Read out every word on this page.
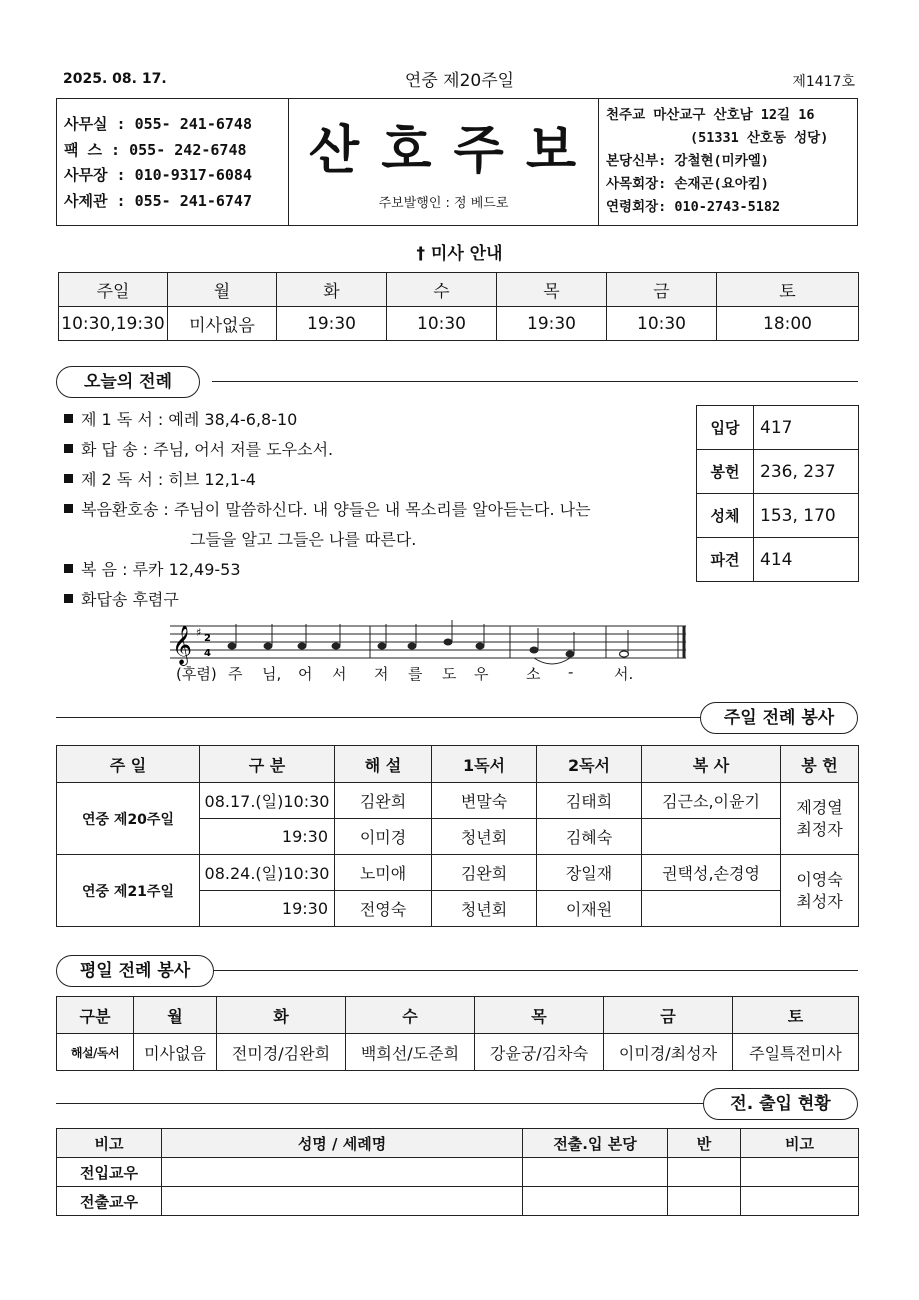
2025. 08. 17.	연중 제20주일	제1417호
사무실 : 055- 241-6748
팩 스 : 055- 242-6748
사무장 : 010-9317-6084
사제관 : 055- 241-6747
산 호 주 보
주보발행인 : 정 베드로
천주교 마산교구 산호남 12길 16
(51331 산호동 성당)
본당신부: 강철현(미카엘)
사목회장: 손재곤(요아킴)
연령회장: 010-2743-5182
† 미사 안내
주일	월	화	수	목	금	토
10:30,19:30	미사없음	19:30	10:30	19:30	10:30	18:00
오늘의 전례
제 1 독 서 : 예레 38,4-6,8-10
화 답 송 : 주님, 어서 저를 도우소서.
제 2 독 서 : 히브 12,1-4
복음환호송 : 주님이 말씀하신다. 내 양들은 내 목소리를 알아듣는다. 나는
그들을 알고 그들은 나를 따른다.
복 음 : 루카 12,49-53
화답송 후렴구
입당	417
봉헌	236, 237
성체	153, 170
파견	414
𝄞 ♯ 2
4
(후렴) 주 님, 어 서 저 를 도 우	소 -	서.
주일 전례 봉사
주 일	구 분	해 설	1독서	2독서	복 사	봉 헌
연중 제20주일	08.17.(일)10:30	김완희	변말숙	김태희	김근소,이윤기	제경열
최정자

	19:30	이미경	청년회	김혜숙		
연중 제21주일	08.24.(일)10:30	노미애	김완희	장일재	권택성,손경영	이영숙
최성자

	19:30	전영숙	청년회	이재원		
평일 전례 봉사
구분	월	화	수	목	금	토
해설/독서	미사없음	전미경/김완희	백희선/도준희	강윤궁/김차숙	이미경/최성자	주일특전미사
전. 출입 현황
비고	성명 / 세례명	전출.입 본당	반	비고
전입교우				
전출교우				
